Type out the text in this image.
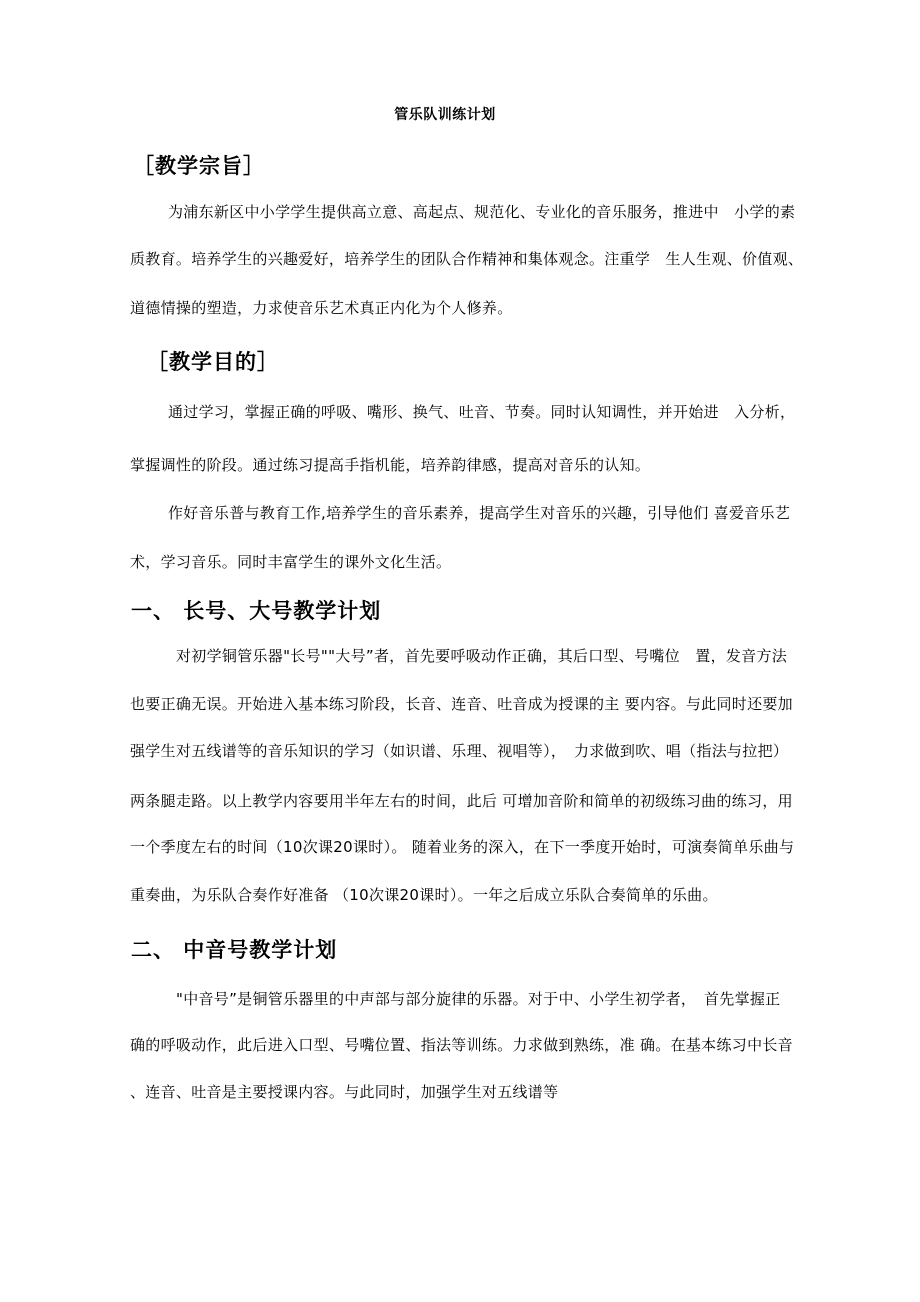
管乐队训练计划
［教学宗旨］
为浦东新区中小学学生提供高立意、高起点、规范化、专业化的音乐服务，推进中　小学的素
质教育。培养学生的兴趣爱好，培养学生的团队合作精神和集体观念。注重学　生人生观、价值观、
道德情操的塑造，力求使音乐艺术真正内化为个人修养。
［教学目的］
通过学习，掌握正确的呼吸、嘴形、换气、吐音、节奏。同时认知调性，并开始进　入分析，
掌握调性的阶段。通过练习提高手指机能，培养韵律感，提高对音乐的认知。
作好音乐普与教育工作,培养学生的音乐素养，提高学生对音乐的兴趣，引导他们 喜爱音乐艺
术，学习音乐。同时丰富学生的课外文化生活。
一、 长号、大号教学计划
对初学铜管乐器"长号""大号”者，首先要呼吸动作正确，其后口型、号嘴位　置，发音方法
也要正确无误。开始进入基本练习阶段，长音、连音、吐音成为授课的主 要内容。与此同时还要加
强学生对五线谱等的音乐知识的学习（如识谱、乐理、视唱等），　力求做到吹、唱（指法与拉把）
两条腿走路。以上教学内容要用半年左右的时间，此后 可增加音阶和简单的初级练习曲的练习，用
一个季度左右的时间（10次课20课时）。 随着业务的深入，在下一季度开始时，可演奏简单乐曲与
重奏曲，为乐队合奏作好准备 （10次课20课时）。一年之后成立乐队合奏简单的乐曲。
二、 中音号教学计划
"中音号”是铜管乐器里的中声部与部分旋律的乐器。对于中、小学生初学者，　首先掌握正
确的呼吸动作，此后进入口型、号嘴位置、指法等训练。力求做到熟练，准 确。在基本练习中长音
、连音、吐音是主要授课内容。与此同时，加强学生对五线谱等
